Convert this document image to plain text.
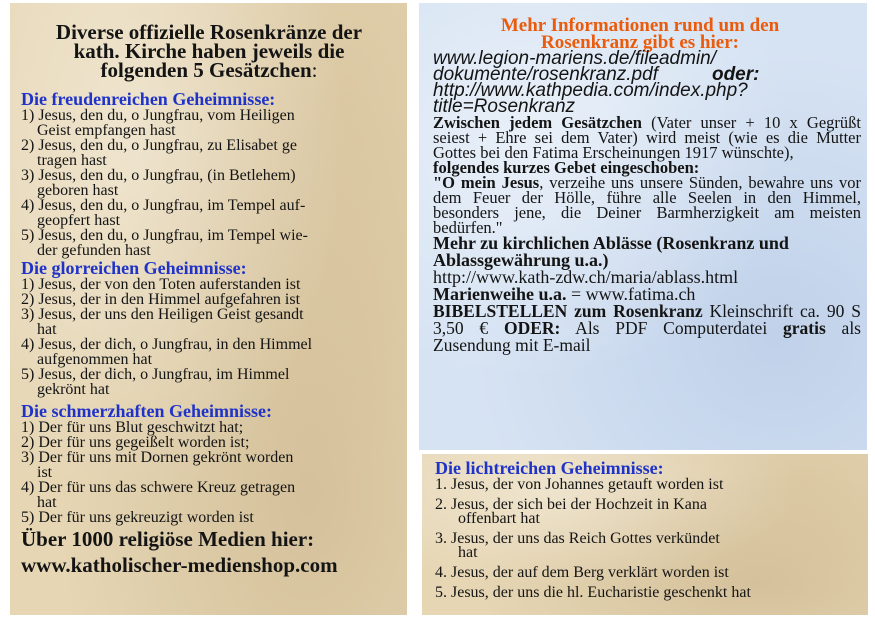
Diverse offizielle Rosenkränze der
kath. Kirche haben jeweils die
folgenden 5 Gesätzchen:
Die freudenreichen Geheimnisse:
1) Jesus, den du, o Jungfrau, vom Heiligen
Geist empfangen hast
2) Jesus, den du, o Jungfrau, zu Elisabet ge
tragen hast
3) Jesus, den du, o Jungfrau, (in Betlehem)
geboren hast
4) Jesus, den du, o Jungfrau, im Tempel auf-
geopfert hast
5) Jesus, den du, o Jungfrau, im Tempel wie-
der gefunden hast
Die glorreichen Geheimnisse:
1) Jesus, der von den Toten auferstanden ist
2) Jesus, der in den Himmel aufgefahren ist
3) Jesus, der uns den Heiligen Geist gesandt
hat
4) Jesus, der dich, o Jungfrau, in den Himmel
aufgenommen hat
5) Jesus, der dich, o Jungfrau, im Himmel
gekrönt hat
Die schmerzhaften Geheimnisse:
1) Der für uns Blut geschwitzt hat;
2) Der für uns gegeißelt worden ist;
3) Der für uns mit Dornen gekrönt worden
ist
4) Der für uns das schwere Kreuz getragen
hat
5) Der für uns gekreuzigt worden ist
Über 1000 religiöse Medien hier:
www.katholischer-medienshop.com
Mehr Informationen rund um den
Rosenkranz gibt es hier:
www.legion-mariens.de/fileadmin/
dokumente/rosenkranz.pdf	oder:
http://www.kathpedia.com/index.php?
title=Rosenkranz
Zwischen jedem Gesätzchen (Vater unser + 10 x Gegrüßt seiest + Ehre sei dem Vater) wird meist (wie es die Mutter Gottes bei den Fatima Erscheinungen 1917 wünschte),
folgendes kurzes Gebet eingeschoben:
"O mein Jesus, verzeihe uns unsere Sünden, bewahre uns vor dem Feuer der Hölle, führe alle Seelen in den Himmel, besonders jene, die Deiner Barmherzigkeit am meisten bedürfen."
Mehr zu kirchlichen Ablässe (Rosenkranz und Ablassgewährung u.a.)
http://www.kath-zdw.ch/maria/ablass.html
Marienweihe u.a. = www.fatima.ch
BIBELSTELLEN zum Rosenkranz Kleinschrift ca. 90 S 3,50 € ODER: Als PDF Computerdatei gratis als Zusendung mit E-mail
Die lichtreichen Geheimnisse:
1. Jesus, der von Johannes getauft worden ist
2. Jesus, der sich bei der Hochzeit in Kana
offenbart hat
3. Jesus, der uns das Reich Gottes verkündet
hat
4. Jesus, der auf dem Berg verklärt worden ist
5. Jesus, der uns die hl. Eucharistie geschenkt hat
